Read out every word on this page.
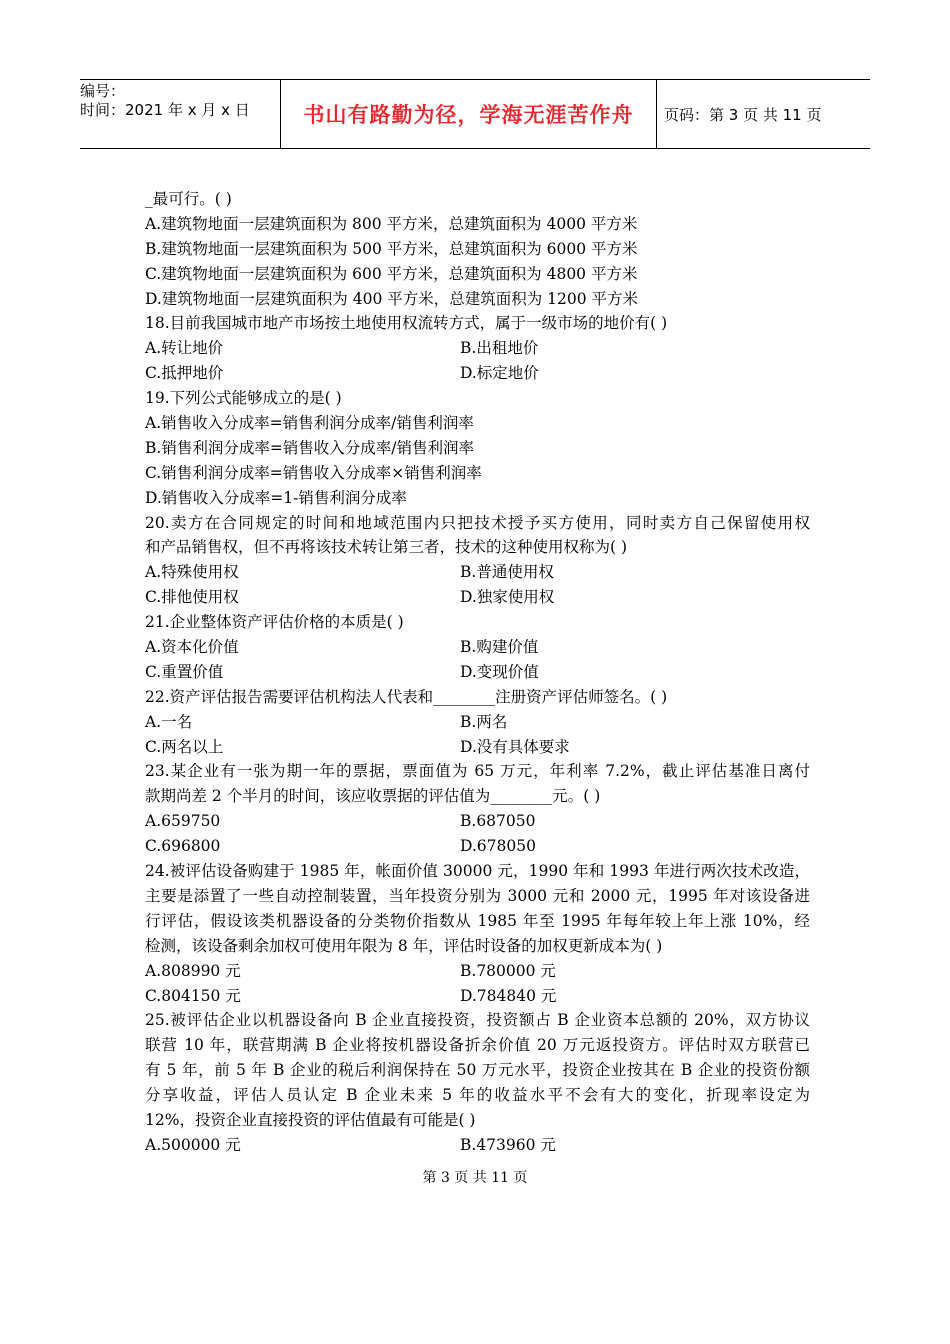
编号：
时间：2021 年 x 月 x 日	书山有路勤为径，学海无涯苦作舟	页码：第 3 页 共 11 页
_最可行。( )
A.建筑物地面一层建筑面积为 800 平方米，总建筑面积为 4000 平方米
B.建筑物地面一层建筑面积为 500 平方米，总建筑面积为 6000 平方米
C.建筑物地面一层建筑面积为 600 平方米，总建筑面积为 4800 平方米
D.建筑物地面一层建筑面积为 400 平方米，总建筑面积为 1200 平方米
18.目前我国城市地产市场按土地使用权流转方式，属于一级市场的地价有( )
A.转让地价	B.出租地价
C.抵押地价	D.标定地价
19.下列公式能够成立的是( )
A.销售收入分成率=销售利润分成率/销售利润率
B.销售利润分成率=销售收入分成率/销售利润率
C.销售利润分成率=销售收入分成率×销售利润率
D.销售收入分成率=1-销售利润分成率
20.卖方在合同规定的时间和地域范围内只把技术授予买方使用，同时卖方自己保留使用权
和产品销售权，但不再将该技术转让第三者，技术的这种使用权称为( )
A.特殊使用权	B.普通使用权
C.排他使用权	D.独家使用权
21.企业整体资产评估价格的本质是( )
A.资本化价值	B.购建价值
C.重置价值	D.变现价值
22.资产评估报告需要评估机构法人代表和________注册资产评估师签名。( )
A.一名	B.两名
C.两名以上	D.没有具体要求
23.某企业有一张为期一年的票据，票面值为 65 万元，年利率 7.2%，截止评估基准日离付
款期尚差 2 个半月的时间，该应收票据的评估值为________元。( )
A.659750	B.687050
C.696800	D.678050
24.被评估设备购建于 1985 年，帐面价值 30000 元，1990 年和 1993 年进行两次技术改造，
主要是添置了一些自动控制装置，当年投资分别为 3000 元和 2000 元，1995 年对该设备进
行评估，假设该类机器设备的分类物价指数从 1985 年至 1995 年每年较上年上涨 10%，经
检测，该设备剩余加权可使用年限为 8 年，评估时设备的加权更新成本为( )
A.808990 元	B.780000 元
C.804150 元	D.784840 元
25.被评估企业以机器设备向 B 企业直接投资，投资额占 B 企业资本总额的 20%，双方协议
联营 10 年，联营期满 B 企业将按机器设备折余价值 20 万元返投资方。评估时双方联营已
有 5 年，前 5 年 B 企业的税后利润保持在 50 万元水平，投资企业按其在 B 企业的投资份额
分享收益，评估人员认定 B 企业未来 5 年的收益水平不会有大的变化，折现率设定为
12%，投资企业直接投资的评估值最有可能是( )
A.500000 元	B.473960 元
第 3 页 共 11 页
